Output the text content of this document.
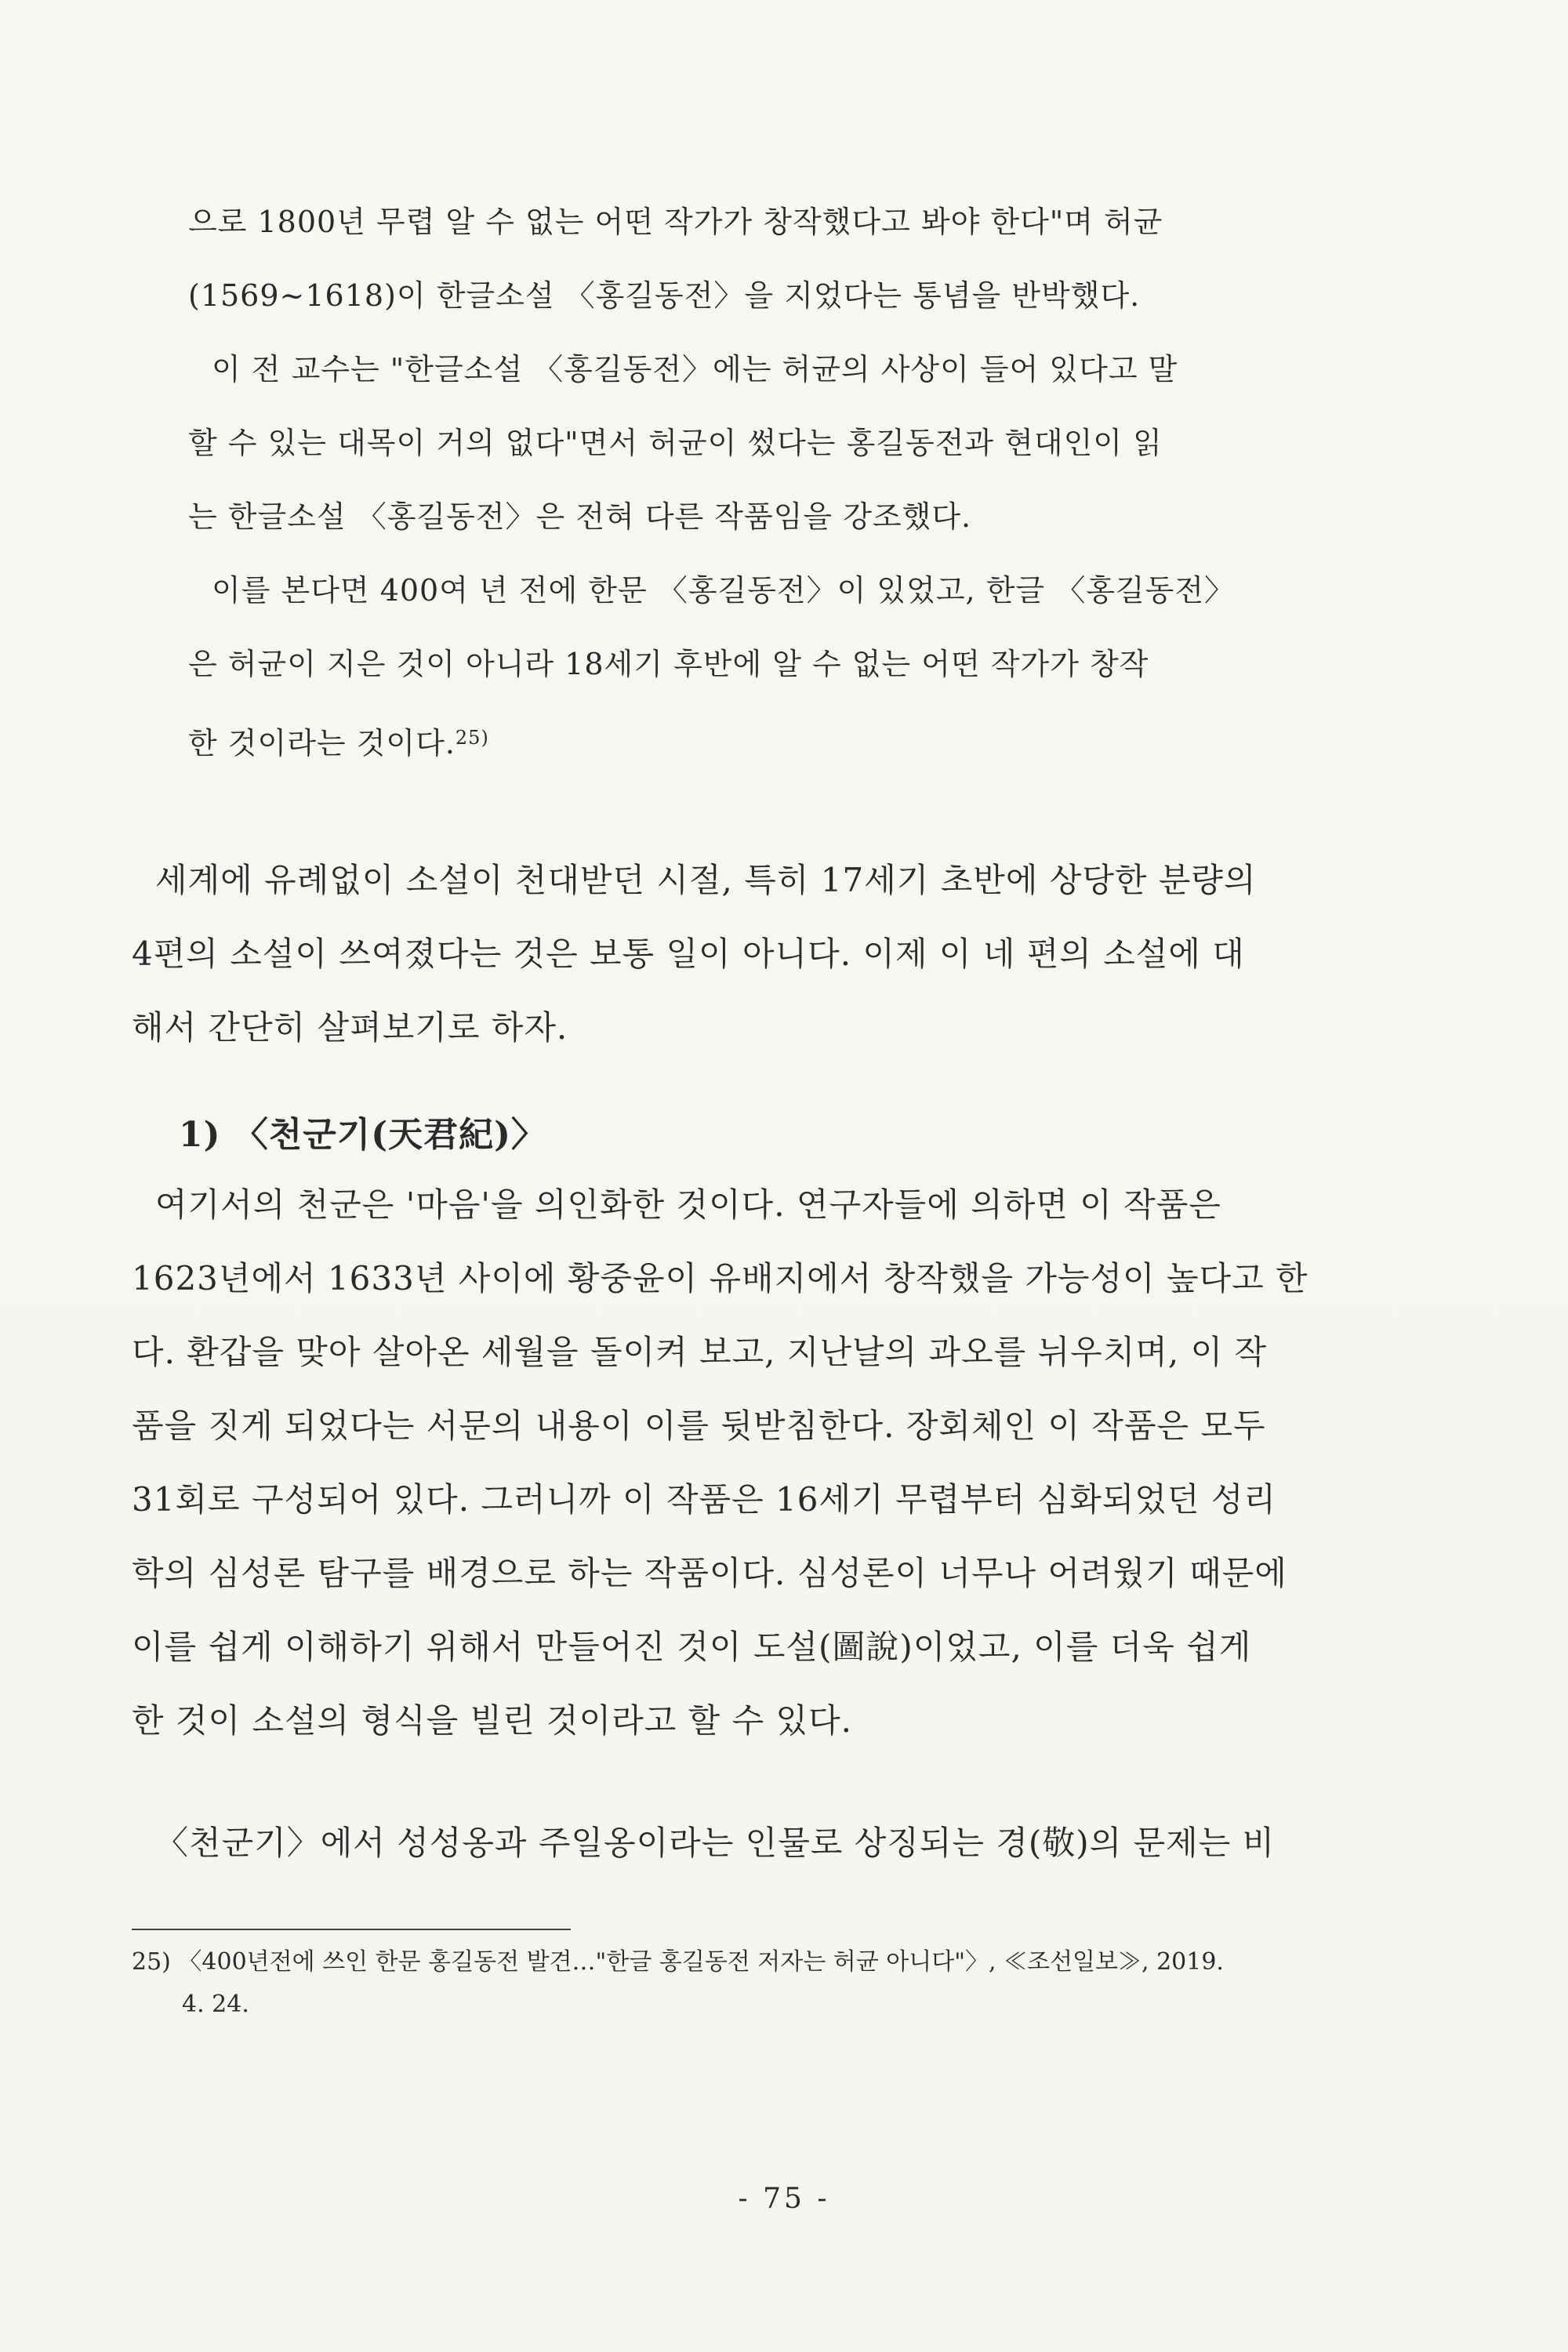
으로 1800년 무렵 알 수 없는 어떤 작가가 창작했다고 봐야 한다"며 허균
(1569~1618)이 한글소설 〈홍길동전〉을 지었다는 통념을 반박했다.
이 전 교수는 "한글소설 〈홍길동전〉에는 허균의 사상이 들어 있다고 말
할 수 있는 대목이 거의 없다"면서 허균이 썼다는 홍길동전과 현대인이 읽
는 한글소설 〈홍길동전〉은 전혀 다른 작품임을 강조했다.
이를 본다면 400여 년 전에 한문 〈홍길동전〉이 있었고, 한글 〈홍길동전〉
은 허균이 지은 것이 아니라 18세기 후반에 알 수 없는 어떤 작가가 창작
한 것이라는 것이다.$^{25)}$
세계에 유례없이 소설이 천대받던 시절, 특히 17세기 초반에 상당한 분량의
4편의 소설이 쓰여졌다는 것은 보통 일이 아니다. 이제 이 네 편의 소설에 대
해서 간단히 살펴보기로 하자.
1) 〈천군기(天君紀)〉
여기서의 천군은 '마음'을 의인화한 것이다. 연구자들에 의하면 이 작품은
1623년에서 1633년 사이에 황중윤이 유배지에서 창작했을 가능성이 높다고 한
다. 환갑을 맞아 살아온 세월을 돌이켜 보고, 지난날의 과오를 뉘우치며, 이 작
품을 짓게 되었다는 서문의 내용이 이를 뒷받침한다. 장회체인 이 작품은 모두
31회로 구성되어 있다. 그러니까 이 작품은 16세기 무렵부터 심화되었던 성리
학의 심성론 탐구를 배경으로 하는 작품이다. 심성론이 너무나 어려웠기 때문에
이를 쉽게 이해하기 위해서 만들어진 것이 도설(圖說)이었고, 이를 더욱 쉽게
한 것이 소설의 형식을 빌린 것이라고 할 수 있다.
〈천군기〉에서 성성옹과 주일옹이라는 인물로 상징되는 경(敬)의 문제는 비
25) 〈400년전에 쓰인 한문 홍길동전 발견…"한글 홍길동전 저자는 허균 아니다"〉, ≪조선일보≫, 2019.
4. 24.
- 75 -
